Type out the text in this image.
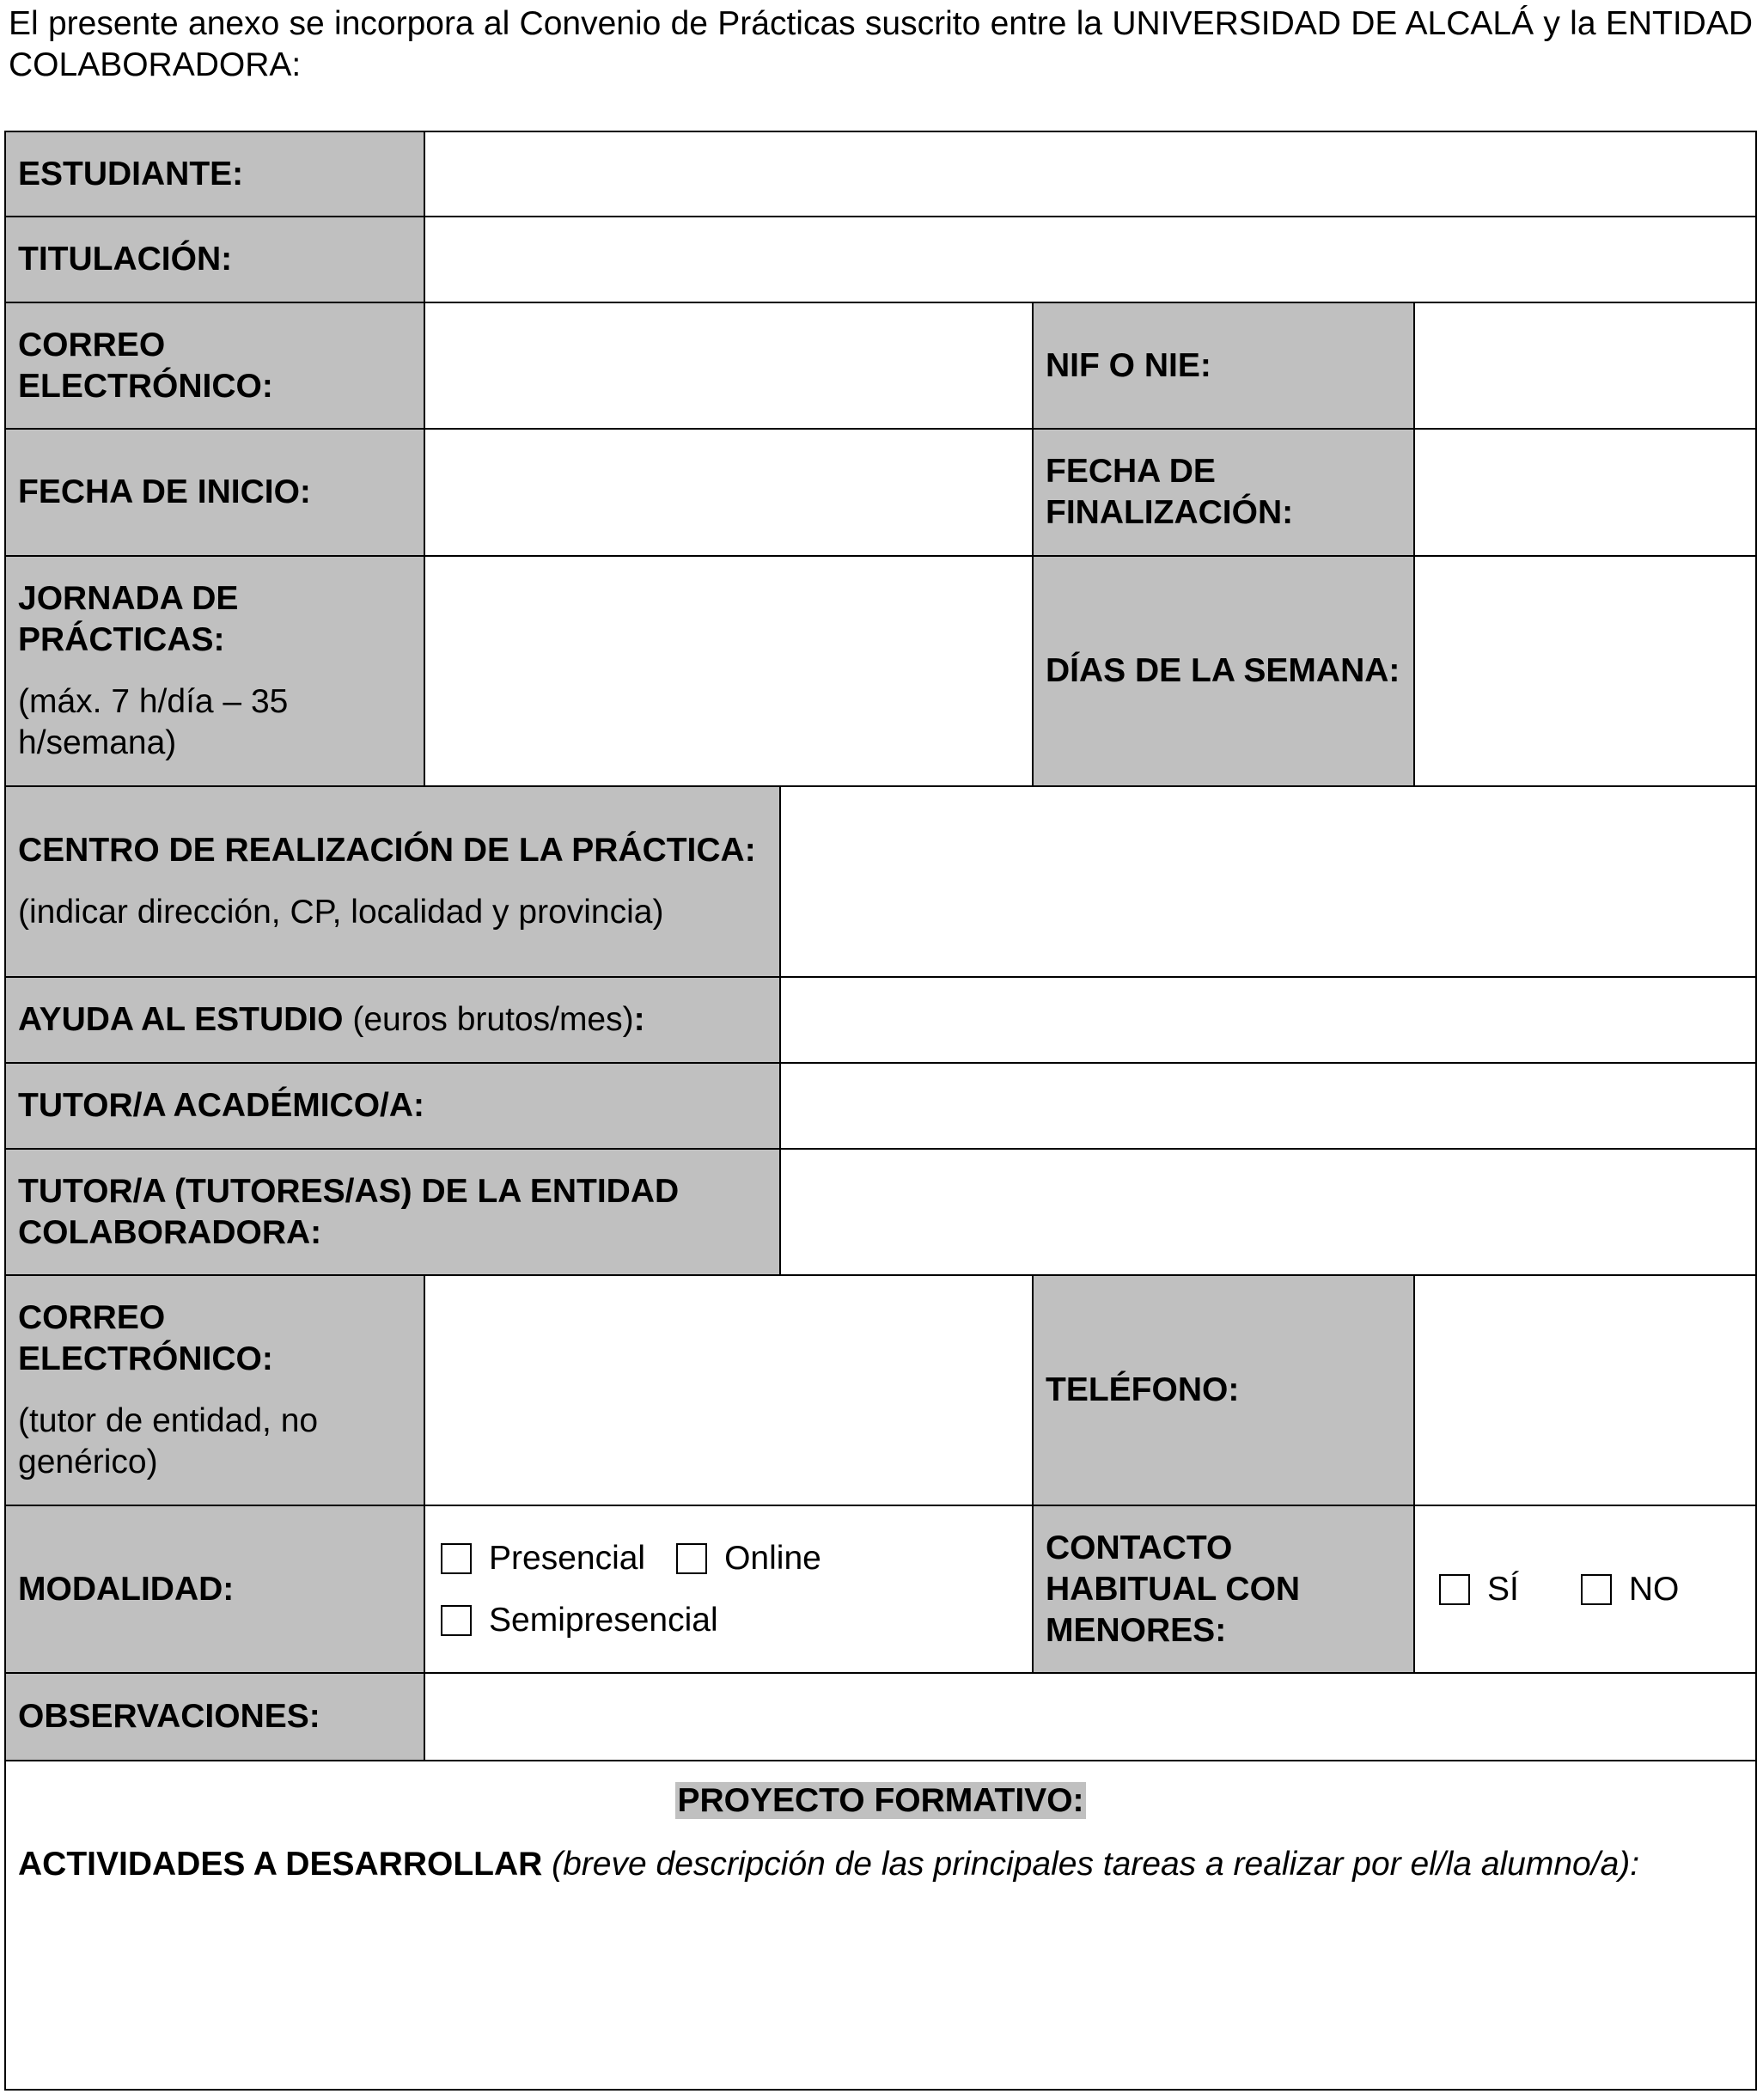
El presente anexo se incorpora al Convenio de Prácticas suscrito entre la UNIVERSIDAD DE ALCALÁ y la ENTIDAD COLABORADORA:
ESTUDIANTE:
TITULACIÓN:
CORREO ELECTRÓNICO:
NIF O NIE:
FECHA DE INICIO:
FECHA DE FINALIZACIÓN:
JORNADA DE PRÁCTICAS:
(máx. 7 h/día – 35 h/semana)
DÍAS DE LA SEMANA:
CENTRO DE REALIZACIÓN DE LA PRÁCTICA:
(indicar dirección, CP, localidad y provincia)
AYUDA AL ESTUDIO (euros brutos/mes):
TUTOR/A ACADÉMICO/A:
TUTOR/A (TUTORES/AS) DE LA ENTIDAD COLABORADORA:
CORREO ELECTRÓNICO:
(tutor de entidad, no genérico)
TELÉFONO:
MODALIDAD:
Presencial Online
Semipresencial
CONTACTO HABITUAL CON MENORES:
SÍ	NO
OBSERVACIONES:
PROYECTO FORMATIVO:
ACTIVIDADES A DESARROLLAR (breve descripción de las principales tareas a realizar por el/la alumno/a):
